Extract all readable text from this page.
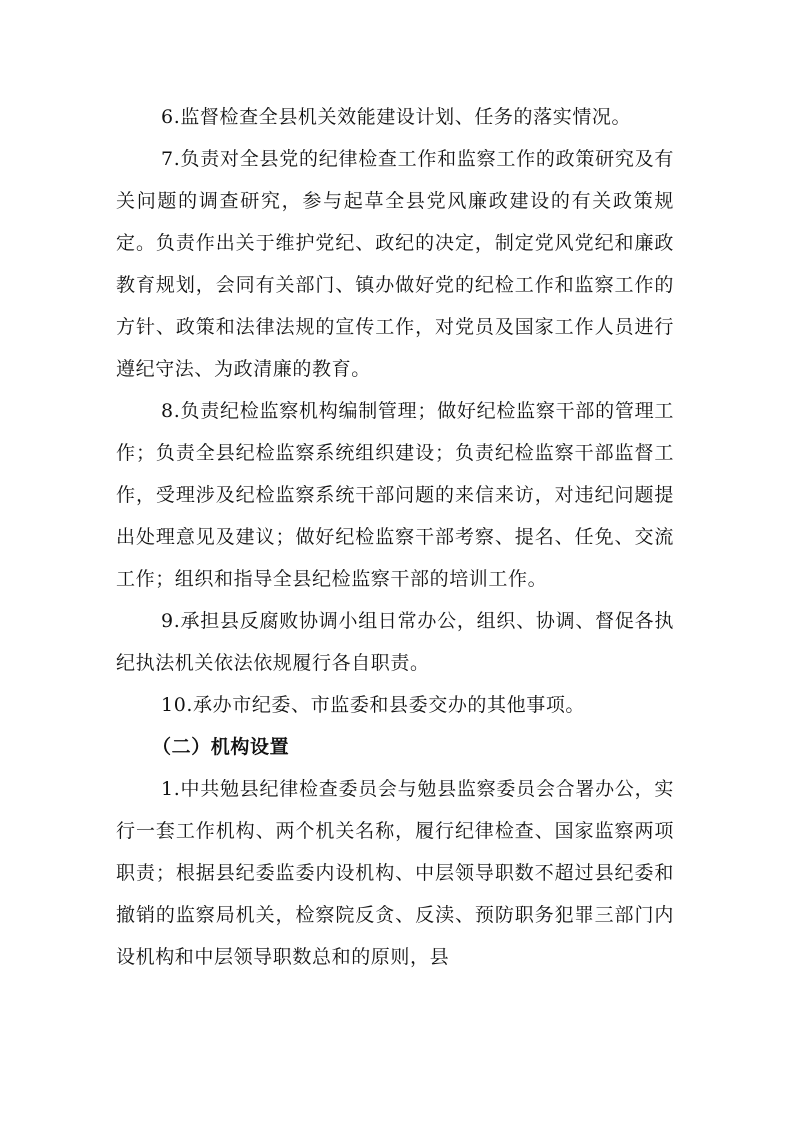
6.监督检查全县机关效能建设计划、任务的落实情况。

7.负责对全县党的纪律检查工作和监察工作的政策研究及有关问题的调查研究，参与起草全县党风廉政建设的有关政策规定。负责作出关于维护党纪、政纪的决定，制定党风党纪和廉政教育规划，会同有关部门、镇办做好党的纪检工作和监察工作的方针、政策和法律法规的宣传工作，对党员及国家工作人员进行遵纪守法、为政清廉的教育。

8.负责纪检监察机构编制管理；做好纪检监察干部的管理工作；负责全县纪检监察系统组织建设；负责纪检监察干部监督工作，受理涉及纪检监察系统干部问题的来信来访，对违纪问题提出处理意见及建议；做好纪检监察干部考察、提名、任免、交流工作；组织和指导全县纪检监察干部的培训工作。

9.承担县反腐败协调小组日常办公，组织、协调、督促各执纪执法机关依法依规履行各自职责。

10.承办市纪委、市监委和县委交办的其他事项。

（二）机构设置

1.中共勉县纪律检查委员会与勉县监察委员会合署办公，实行一套工作机构、两个机关名称，履行纪律检查、国家监察两项职责；根据县纪委监委内设机构、中层领导职数不超过县纪委和撤销的监察局机关，检察院反贪、反渎、预防职务犯罪三部门内设机构和中层领导职数总和的原则，县
